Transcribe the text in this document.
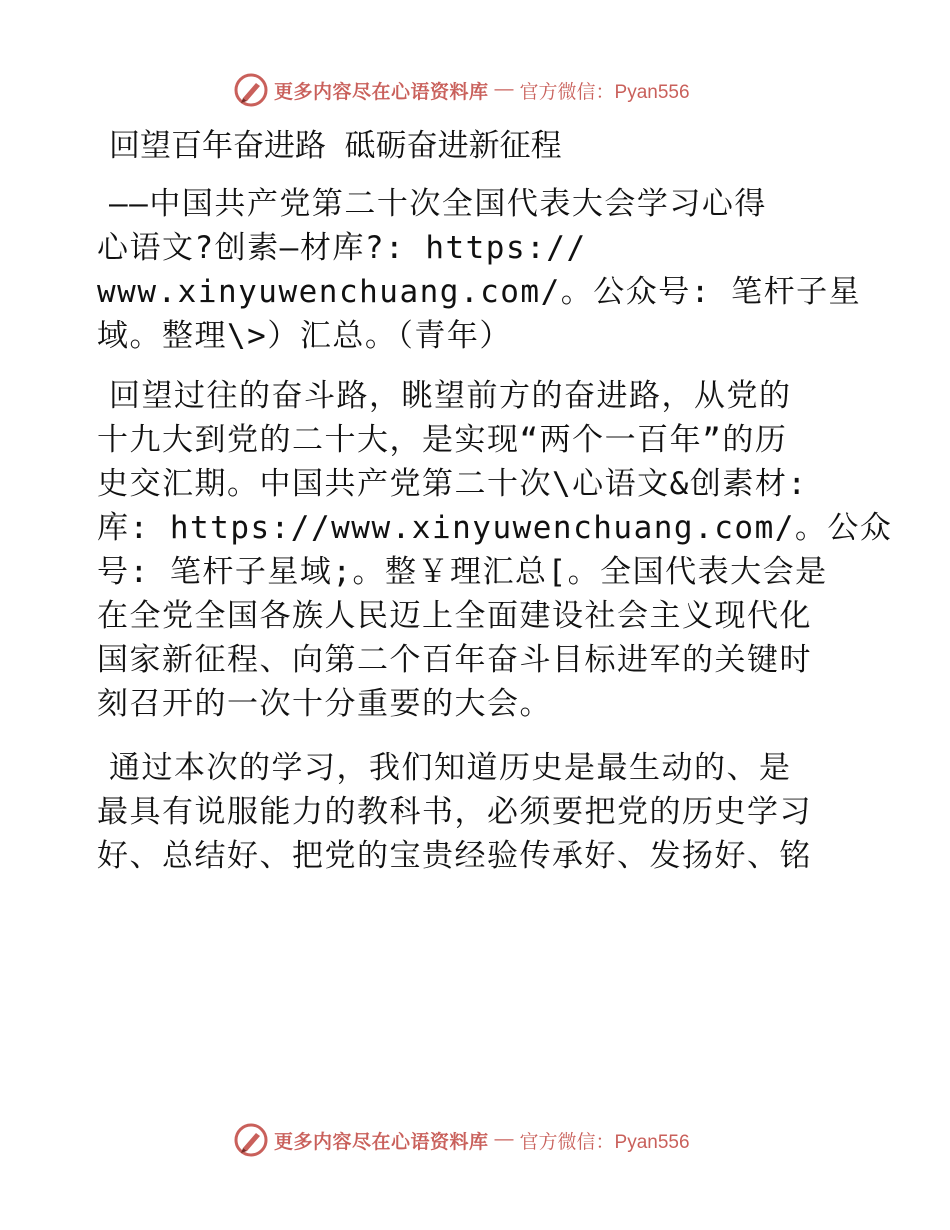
更多内容尽在心语资料库 — 官方微信：Pyan556
回望百年奋进路 砥砺奋进新征程
——中国共产党第二十次全国代表大会学习心得
心语文?创素—材库?: https://
www.xinyuwenchuang.com/。公众号: 笔杆子星
域。整理\>）汇总。（青年）
回望过往的奋斗路，眺望前方的奋进路，从党的
十九大到党的二十大，是实现“两个一百年”的历
史交汇期。中国共产党第二十次\心语文&创素材:
库: https://www.xinyuwenchuang.com/。公众
号: 笔杆子星域;。整￥理汇总[。全国代表大会是
在全党全国各族人民迈上全面建设社会主义现代化
国家新征程、向第二个百年奋斗目标进军的关键时
刻召开的一次十分重要的大会。
通过本次的学习，我们知道历史是最生动的、是
最具有说服能力的教科书，必须要把党的历史学习
好、总结好、把党的宝贵经验传承好、发扬好、铭
更多内容尽在心语资料库 — 官方微信：Pyan556
